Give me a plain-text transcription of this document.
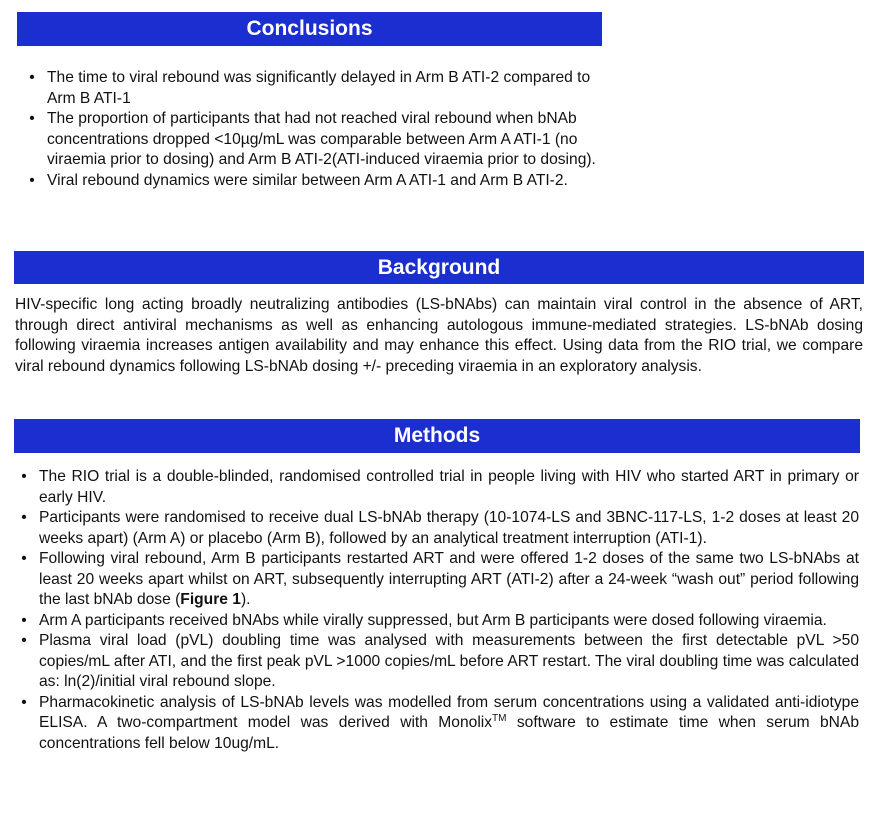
Conclusions
• The time to viral rebound was significantly delayed in Arm B ATI-2 compared to Arm B ATI-1
• The proportion of participants that had not reached viral rebound when bNAb concentrations dropped <10µg/mL was comparable between Arm A ATI-1 (no viraemia prior to dosing) and Arm B ATI-2(ATI-induced viraemia prior to dosing).
• Viral rebound dynamics were similar between Arm A ATI-1 and Arm B ATI-2.
Background

HIV-specific long acting broadly neutralizing antibodies (LS-bNAbs) can maintain viral control in the absence of ART, through direct antiviral mechanisms as well as enhancing autologous immune-mediated strategies. LS-bNAb dosing following viraemia increases antigen availability and may enhance this effect. Using data from the RIO trial, we compare viral rebound dynamics following LS-bNAb dosing +/- preceding viraemia in an exploratory analysis.

Methods
• The RIO trial is a double-blinded, randomised controlled trial in people living with HIV who started ART in primary or early HIV.
• Participants were randomised to receive dual LS-bNAb therapy (10-1074-LS and 3BNC-117-LS, 1-2 doses at least 20 weeks apart) (Arm A) or placebo (Arm B), followed by an analytical treatment interruption (ATI-1).
• Following viral rebound, Arm B participants restarted ART and were offered 1-2 doses of the same two LS-bNAbs at least 20 weeks apart whilst on ART, subsequently interrupting ART (ATI-2) after a 24-week “wash out” period following the last bNAb dose (Figure 1).
• Arm A participants received bNAbs while virally suppressed, but Arm B participants were dosed following viraemia.
• Plasma viral load (pVL) doubling time was analysed with measurements between the first detectable pVL >50 copies/mL after ATI, and the first peak pVL >1000 copies/mL before ART restart. The viral doubling time was calculated as: ln(2)/initial viral rebound slope.
• Pharmacokinetic analysis of LS-bNAb levels was modelled from serum concentrations using a validated anti-idiotype ELISA. A two-compartment model was derived with Monolix™ software to estimate time when serum bNAb concentrations fell below 10ug/mL.
